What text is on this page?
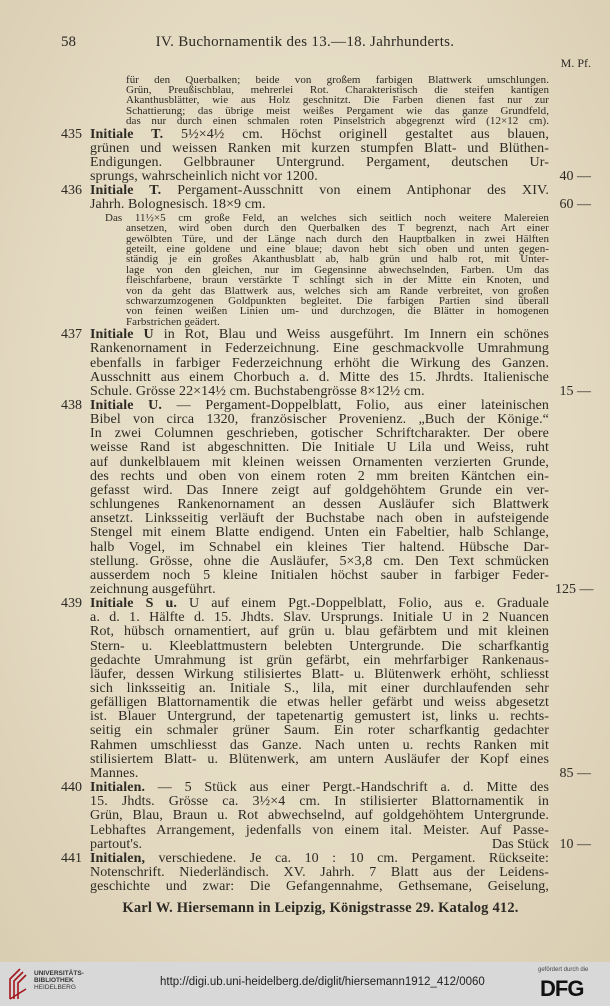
58	IV. Buchornamentik des 13.—18. Jahrhunderts.
M. Pf.
für den Querbalken; beide von großem farbigen Blattwerk umschlungen.
Grün, Preußischblau, mehrerlei Rot. Charakteristisch die steifen kantigen
Akanthusblätter, wie aus Holz geschnitzt. Die Farben dienen fast nur zur
Schattierung; das übrige meist weißes Pergament wie das ganze Grundfeld,
das nur durch einen schmalen roten Pinselstrich abgegrenzt wird (12×12 cm).
435 Initiale T. 5½×4½ cm. Höchst originell gestaltet aus blauen,
grünen und weissen Ranken mit kurzen stumpfen Blatt- und Blüthen-
Endigungen. Gelbbrauner Untergrund. Pergament, deutschen Ur-
sprungs, wahrscheinlich nicht vor 1200.	40 —
436 Initiale T. Pergament-Ausschnitt von einem Antiphonar des XIV.
Jahrh. Bolognesisch. 18×9 cm.	60 —
Das 11½×5 cm große Feld, an welches sich seitlich noch weitere Malereien
ansetzen, wird oben durch den Querbalken des T begrenzt, nach Art einer
gewölbten Türe, und der Länge nach durch den Hauptbalken in zwei Hälften
geteilt, eine goldene und eine blaue; davon hebt sich oben und unten gegen-
ständig je ein großes Akanthusblatt ab, halb grün und halb rot, mit Unter-
lage von den gleichen, nur im Gegensinne abwechselnden, Farben. Um das
fleischfarbene, braun verstärkte T schlingt sich in der Mitte ein Knoten, und
von da geht das Blattwerk aus, welches sich am Rande verbreitet, von großen
schwarzumzogenen Goldpunkten begleitet. Die farbigen Partien sind überall
von feinen weißen Linien um- und durchzogen, die Blätter in homogenen
Farbstrichen geädert.
437 Initiale U in Rot, Blau und Weiss ausgeführt. Im Innern ein schönes
Rankenornament in Federzeichnung. Eine geschmackvolle Umrahmung
ebenfalls in farbiger Federzeichnung erhöht die Wirkung des Ganzen.
Ausschnitt aus einem Chorbuch a. d. Mitte des 15. Jhrdts. Italienische
Schule. Grösse 22×14½ cm. Buchstabengrösse 8×12½ cm.	15 —
438 Initiale U. — Pergament-Doppelblatt, Folio, aus einer lateinischen
Bibel von circa 1320, französischer Provenienz. „Buch der Könige.“
In zwei Columnen geschrieben, gotischer Schriftcharakter. Der obere
weisse Rand ist abgeschnitten. Die Initiale U Lila und Weiss, ruht
auf dunkelblauem mit kleinen weissen Ornamenten verzierten Grunde,
des rechts und oben von einem roten 2 mm breiten Käntchen ein-
gefasst wird. Das Innere zeigt auf goldgehöhtem Grunde ein ver-
schlungenes Rankenornament an dessen Ausläufer sich Blattwerk
ansetzt. Linksseitig verläuft der Buchstabe nach oben in aufsteigende
Stengel mit einem Blatte endigend. Unten ein Fabeltier, halb Schlange,
halb Vogel, im Schnabel ein kleines Tier haltend. Hübsche Dar-
stellung. Grösse, ohne die Ausläufer, 5×3,8 cm. Den Text schmücken
ausserdem noch 5 kleine Initialen höchst sauber in farbiger Feder-
zeichnung ausgeführt.	125 —
439 Initiale S u. U auf einem Pgt.-Doppelblatt, Folio, aus e. Graduale
a. d. 1. Hälfte d. 15. Jhdts. Slav. Ursprungs. Initiale U in 2 Nuancen
Rot, hübsch ornamentiert, auf grün u. blau gefärbtem und mit kleinen
Stern- u. Kleeblattmustern belebten Untergrunde. Die scharfkantig
gedachte Umrahmung ist grün gefärbt, ein mehrfarbiger Rankenaus-
läufer, dessen Wirkung stilisiertes Blatt- u. Blütenwerk erhöht, schliesst
sich linksseitig an. Initiale S., lila, mit einer durchlaufenden sehr
gefälligen Blattornamentik die etwas heller gefärbt und weiss abgesetzt
ist. Blauer Untergrund, der tapetenartig gemustert ist, links u. rechts-
seitig ein schmaler grüner Saum. Ein roter scharfkantig gedachter
Rahmen umschliesst das Ganze. Nach unten u. rechts Ranken mit
stilisiertem Blatt- u. Blütenwerk, am untern Ausläufer der Kopf eines
Mannes.	85 —
440 Initialen. — 5 Stück aus einer Pergt.-Handschrift a. d. Mitte des
15. Jhdts. Grösse ca. 3½×4 cm. In stilisierter Blattornamentik in
Grün, Blau, Braun u. Rot abwechselnd, auf goldgehöhtem Untergrunde.
Lebhaftes Arrangement, jedenfalls von einem ital. Meister. Auf Passe-
partout's.	Das Stück 10 —
441 Initialen, verschiedene. Je ca. 10 : 10 cm. Pergament. Rückseite:
Notenschrift. Niederländisch. XV. Jahrh. 7 Blatt aus der Leidens-
geschichte und zwar: Die Gefangennahme, Gethsemane, Geiselung,
Karl W. Hiersemann in Leipzig, Königstrasse 29. Katalog 412.
UNIVERSITÄTS-
BIBLIOTHEK
HEIDELBERG	http://digi.ub.uni-heidelberg.de/diglit/hiersemann1912_412/0060
gefördert durch die
DFG
